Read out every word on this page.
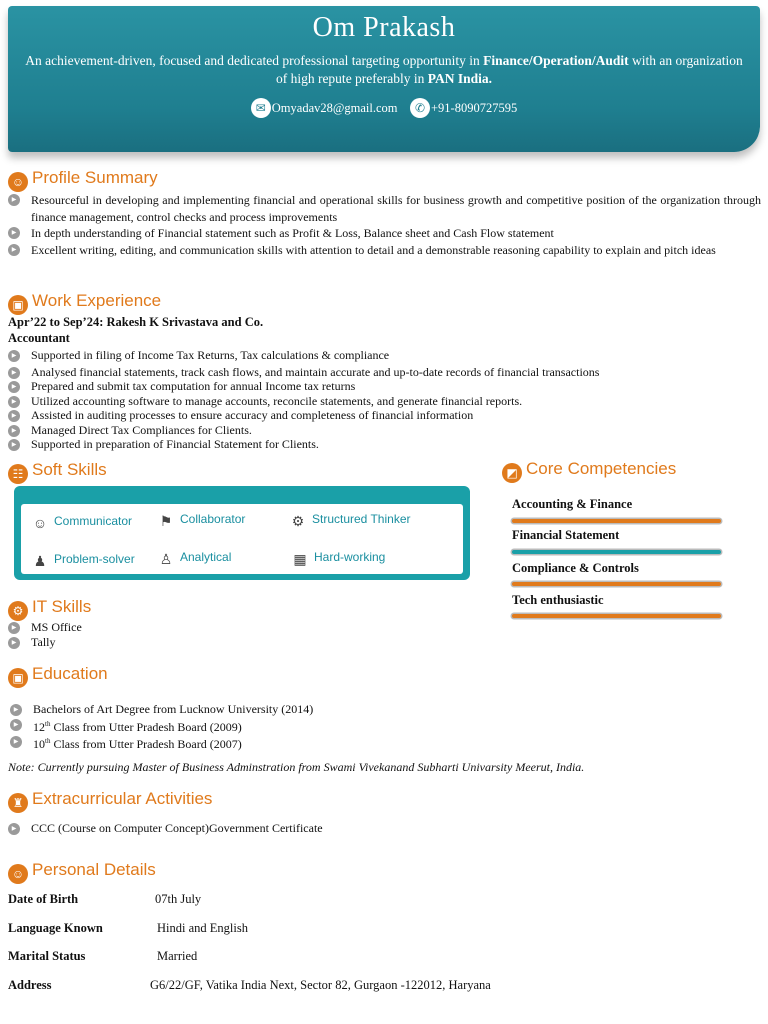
Om Prakash
An achievement-driven, focused and dedicated professional targeting opportunity in Finance/Operation/Audit with an organization of high repute preferably in PAN India.
✉ Omyadav28@gmail.com ✆ +91-8090727595
☺ Profile Summary
▶ Resourceful in developing and implementing financial and operational skills for business growth and competitive position of the organization through finance management, control checks and process improvements
▶ In depth understanding of Financial statement such as Profit & Loss, Balance sheet and Cash Flow statement
▶ Excellent writing, editing, and communication skills with attention to detail and a demonstrable reasoning capability to explain and pitch ideas
▣ Work Experience
Apr’22 to Sep’24: Rakesh K Srivastava and Co.
Accountant
▶ Supported in filing of Income Tax Returns, Tax calculations & compliance
▶ Analysed financial statements, track cash flows, and maintain accurate and up-to-date records of financial transactions
▶ Prepared and submit tax computation for annual Income tax returns
▶ Utilized accounting software to manage accounts, reconcile statements, and generate financial reports.
▶ Assisted in auditing processes to ensure accuracy and completeness of financial information
▶ Managed Direct Tax Compliances for Clients.
▶ Supported in preparation of Financial Statement for Clients.
☷ Soft Skills
☺ Communicator	⚑ Collaborator	⚙ Structured Thinker
♟ Problem-solver	♙ Analytical	▦ Hard-working
◩ Core Competencies
Accounting & Finance
Financial Statement
Compliance & Controls
Tech enthusiastic
⚙ IT Skills
▶ MS Office
▶ Tally
▣ Education
▶ Bachelors of Art Degree from Lucknow University (2014)
▶ 12th Class from Utter Pradesh Board (2009)
▶ 10th Class from Utter Pradesh Board (2007)
Note: Currently pursuing Master of Business Adminstration from Swami Vivekanand Subharti Univarsity Meerut, India.
♜ Extracurricular Activities
▶ CCC (Course on Computer Concept)Government Certificate
☺ Personal Details
Date of Birth	07th July
Language Known	Hindi and English
Marital Status	Married
Address	G6/22/GF, Vatika India Next, Sector 82, Gurgaon -122012, Haryana
